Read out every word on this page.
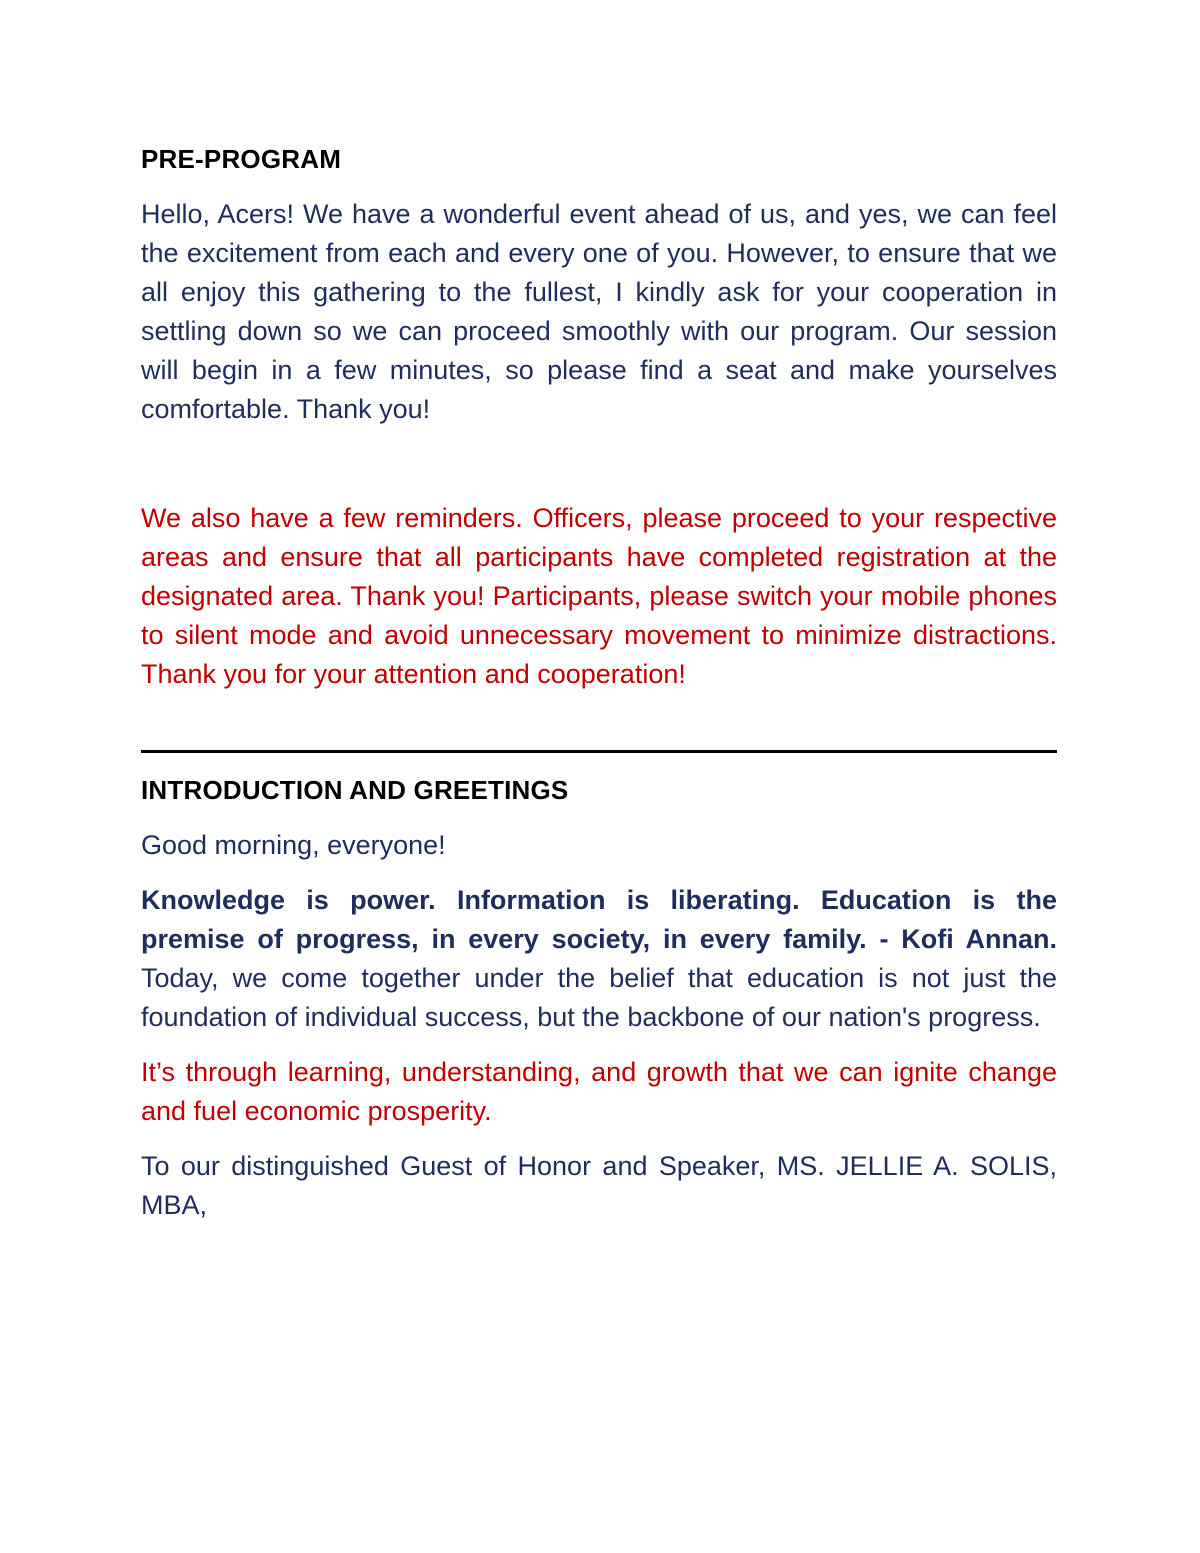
PRE-PROGRAM

Hello, Acers! We have a wonderful event ahead of us, and yes, we can feel the excitement from each and every one of you. However, to ensure that we all enjoy this gathering to the fullest, I kindly ask for your cooperation in settling down so we can proceed smoothly with our program. Our session will begin in a few minutes, so please find a seat and make yourselves comfortable. Thank you!

We also have a few reminders. Officers, please proceed to your respective areas and ensure that all participants have completed registration at the designated area. Thank you! Participants, please switch your mobile phones to silent mode and avoid unnecessary movement to minimize distractions. Thank you for your attention and cooperation!

INTRODUCTION AND GREETINGS

Good morning, everyone!

Knowledge is power. Information is liberating. Education is the premise of progress, in every society, in every family. - Kofi Annan. Today, we come together under the belief that education is not just the foundation of individual success, but the backbone of our nation's progress.

It’s through learning, understanding, and growth that we can ignite change and fuel economic prosperity.

To our distinguished Guest of Honor and Speaker, MS. JELLIE A. SOLIS, MBA,
